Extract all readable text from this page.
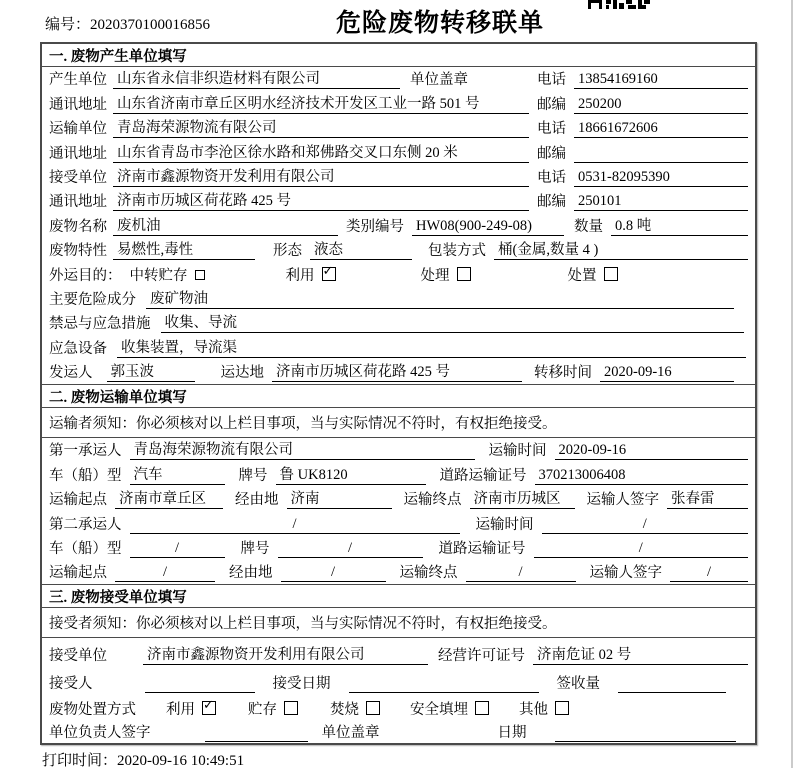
编号：2020370100016856	危险废物转移联单
一. 废物产生单位填写
产生单位 山东省永信非织造材料有限公司	单位盖章	电话 13854169160
通讯地址 山东省济南市章丘区明水经济技术开发区工业一路 501 号	邮编 250200
运输单位 青岛海荣源物流有限公司	电话 18661672606
通讯地址 山东省青岛市李沧区徐水路和郑佛路交叉口东侧 20 米	邮编
接受单位 济南市鑫源物资开发利用有限公司	电话 0531-82095390
通讯地址 济南市历城区荷花路 425 号	邮编 250101
废物名称 废机油	类别编号 HW08(900-249-08)	数量 0.8 吨
废物特性 易燃性,毒性	形态 液态	包装方式 桶(金属,数量 4 )
外运目的： 中转贮存	利用 ✓	处理	处置
主要危险成分 废矿物油
禁忌与应急措施 收集、导流
应急设备 收集装置，导流渠
发运人 郭玉波	运达地 济南市历城区荷花路 425 号	转移时间 2020-09-16
二. 废物运输单位填写
运输者须知：你必须核对以上栏目事项，当与实际情况不符时，有权拒绝接受。
第一承运人 青岛海荣源物流有限公司	运输时间 2020-09-16
车（船）型 汽车	牌号 鲁 UK8120	道路运输证号 370213006408
运输起点 济南市章丘区	经由地 济南	运输终点 济南市历城区	运输人签字 张春雷
第二承运人	/	运输时间	/
车（船）型	/	牌号	/	道路运输证号	/
运输起点	/	经由地	/	运输终点	/	运输人签字	/
三. 废物接受单位填写
接受者须知：你必须核对以上栏目事项，当与实际情况不符时，有权拒绝接受。
接受单位	济南市鑫源物资开发利用有限公司	经营许可证号 济南危证 02 号
接受人	接受日期	签收量
废物处置方式 利用 ✓	贮存	焚烧	安全填埋	其他
单位负责人签字	单位盖章	日期
打印时间：2020-09-16 10:49:51
